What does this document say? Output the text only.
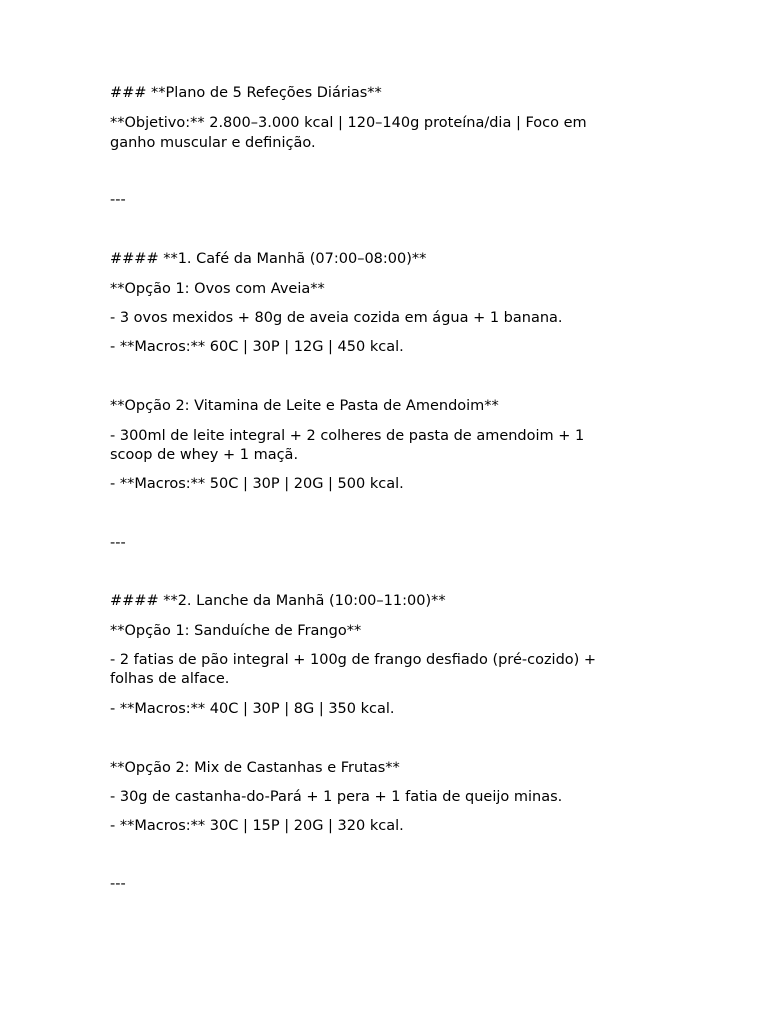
### **Plano de 5 Refeções Diárias**
**Objetivo:** 2.800–3.000 kcal | 120–140g proteína/dia | Foco em
ganho muscular e definição.
---
#### **1. Café da Manhã (07:00–08:00)**
**Opção 1: Ovos com Aveia**
- 3 ovos mexidos + 80g de aveia cozida em água + 1 banana.
- **Macros:** 60C | 30P | 12G | 450 kcal.
**Opção 2: Vitamina de Leite e Pasta de Amendoim**
- 300ml de leite integral + 2 colheres de pasta de amendoim + 1
scoop de whey + 1 maçã.
- **Macros:** 50C | 30P | 20G | 500 kcal.
---
#### **2. Lanche da Manhã (10:00–11:00)**
**Opção 1: Sanduíche de Frango**
- 2 fatias de pão integral + 100g de frango desfiado (pré-cozido) +
folhas de alface.
- **Macros:** 40C | 30P | 8G | 350 kcal.
**Opção 2: Mix de Castanhas e Frutas**
- 30g de castanha-do-Pará + 1 pera + 1 fatia de queijo minas.
- **Macros:** 30C | 15P | 20G | 320 kcal.
---
